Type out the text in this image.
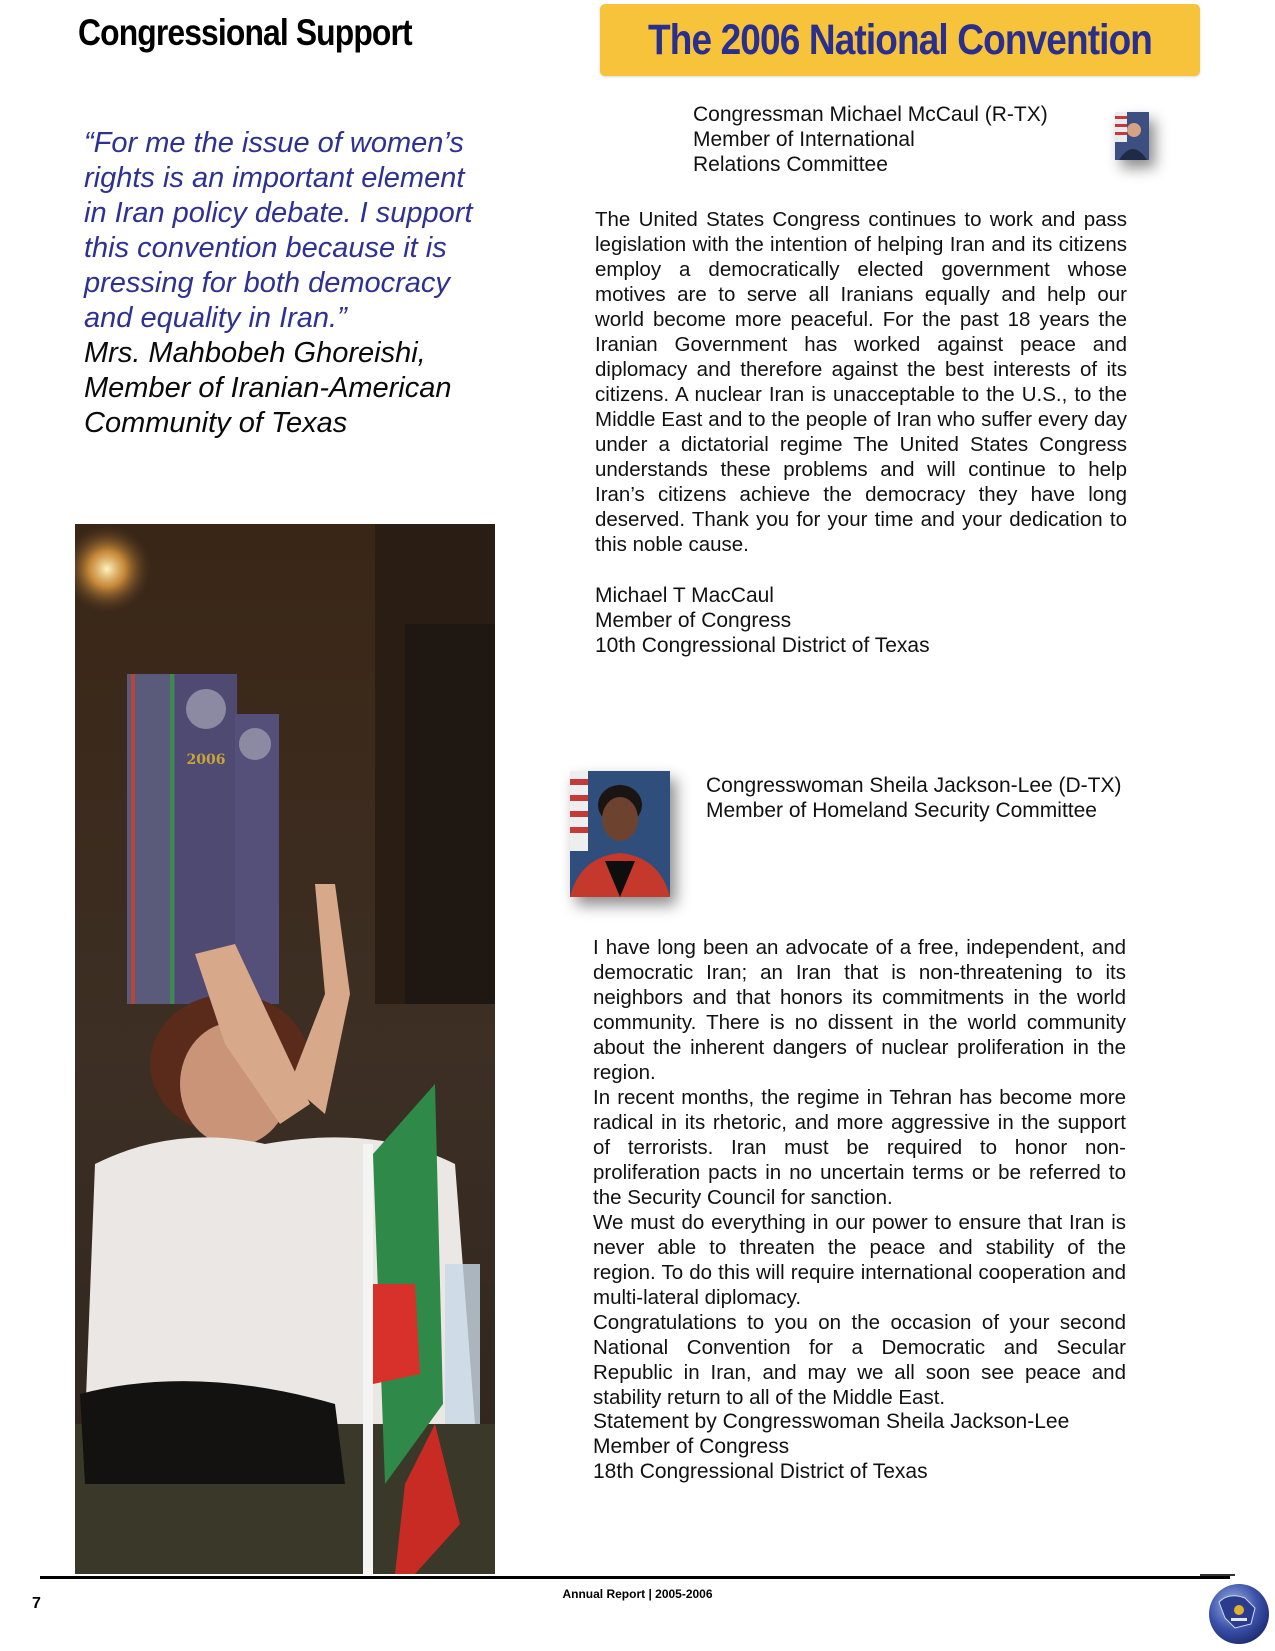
Congressional Support	The 2006 National Convention
“For me the issue of women’s
rights is an important element
in Iran policy debate. I support
this convention because it is
pressing for both democracy
and equality in Iran.”
Mrs. Mahbobeh Ghoreishi,
Member of Iranian-American
Community of Texas
2006
Congressman Michael McCaul (R-TX)
Member of International
Relations Committee
The United States Congress continues to work and pass legislation with the intention of helping Iran and its citizens employ a democratically elected government whose motives are to serve all Iranians equally and help our world become more peaceful. For the past 18 years the Iranian Government has worked against peace and diplomacy and therefore against the best interests of its citizens. A nuclear Iran is unacceptable to the U.S., to the Middle East and to the people of Iran who suffer every day under a dictatorial regime The United States Congress understands these problems and will continue to help Iran’s citizens achieve the democracy they have long deserved. Thank you for your time and your dedication to this noble cause.
Michael T MacCaul
Member of Congress
10th Congressional District of Texas
Congresswoman Sheila Jackson-Lee (D-TX)
Member of Homeland Security Committee

I have long been an advocate of a free, independent, and democratic Iran; an Iran that is non-threatening to its neighbors and that honors its commitments in the world community. There is no dissent in the world community about the inherent dangers of nuclear proliferation in the region.

In recent months, the regime in Tehran has become more radical in its rhetoric, and more aggressive in the support of terrorists. Iran must be required to honor non-proliferation pacts in no uncertain terms or be referred to the Security Council for sanction.

We must do everything in our power to ensure that Iran is never able to threaten the peace and stability of the region. To do this will require international cooperation and multi-lateral diplomacy.

Congratulations to you on the occasion of your second National Convention for a Democratic and Secular Republic in Iran, and may we all soon see peace and stability return to all of the Middle East.

Statement by Congresswoman Sheila Jackson-Lee
Member of Congress
18th Congressional District of Texas
7
Annual Report | 2005-2006
